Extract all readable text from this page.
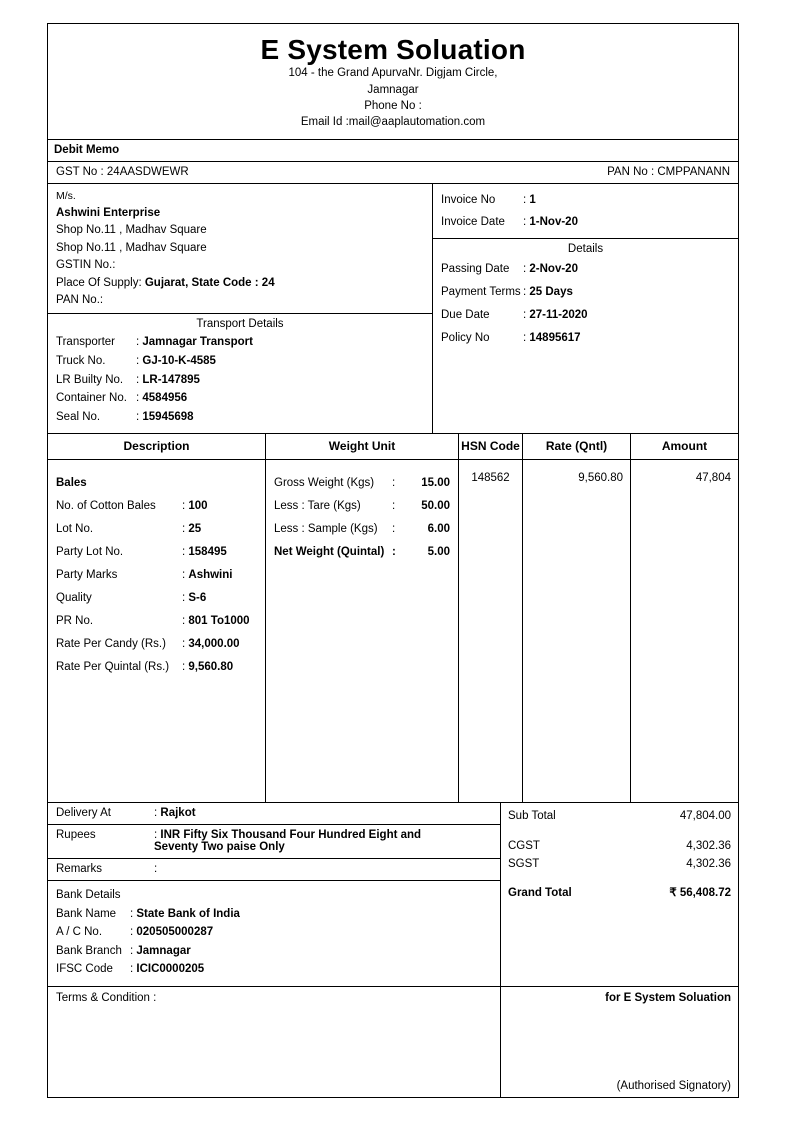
E System Soluation
104 - the Grand ApurvaNr. Digjam Circle,
Jamnagar
Phone No :
Email Id :mail@aaplautomation.com
Debit Memo
GST No : 24AASDWEWR	PAN No : CMPPANANN
M/s.
Ashwini Enterprise
Shop No.11 , Madhav Square
Shop No.11 , Madhav Square
GSTIN No.:
Place Of Supply: Gujarat, State Code : 24
PAN No.:
Transport Details
Transporter : Jamnagar Transport
Truck No.	: GJ-10-K-4585
LR Builty No. : LR-147895
Container No. : 4584956
Seal No.	: 15945698
Invoice No : 1
Invoice Date : 1-Nov-20
Details
Passing Date : 2-Nov-20
Payment Terms : 25 Days
Due Date	: 27-11-2020
Policy No	: 14895617
Description	Weight Unit	HSN Code	Rate (Qntl)	Amount
Bales
No. of Cotton Bales : 100
Lot No.	: 25
Party Lot No.	: 158495
Party Marks	: Ashwini
Quality	: S-6
PR No.	: 801 To1000
Rate Per Candy (Rs.) : 34,000.00
Rate Per Quintal (Rs.) : 9,560.80
Gross Weight (Kgs)	:	15.00
Less : Tare (Kgs)	:	50.00
Less : Sample (Kgs)	:	6.00
Net Weight (Quintal) :	5.00
148562	9,560.80	47,804
Delivery At	: Rajkot
Rupees	: INR Fifty Six Thousand Four Hundred Eight and
Seventy Two paise Only
Remarks	:
Bank Details
Bank Name : State Bank of India
A / C No. : 020505000287
Bank Branch : Jamnagar
IFSC Code : ICIC0000205
Sub Total	47,804.00
CGST	4,302.36
SGST	4,302.36
Grand Total	₹ 56,408.72
Terms & Condition :	for E System Soluation
(Authorised Signatory)
